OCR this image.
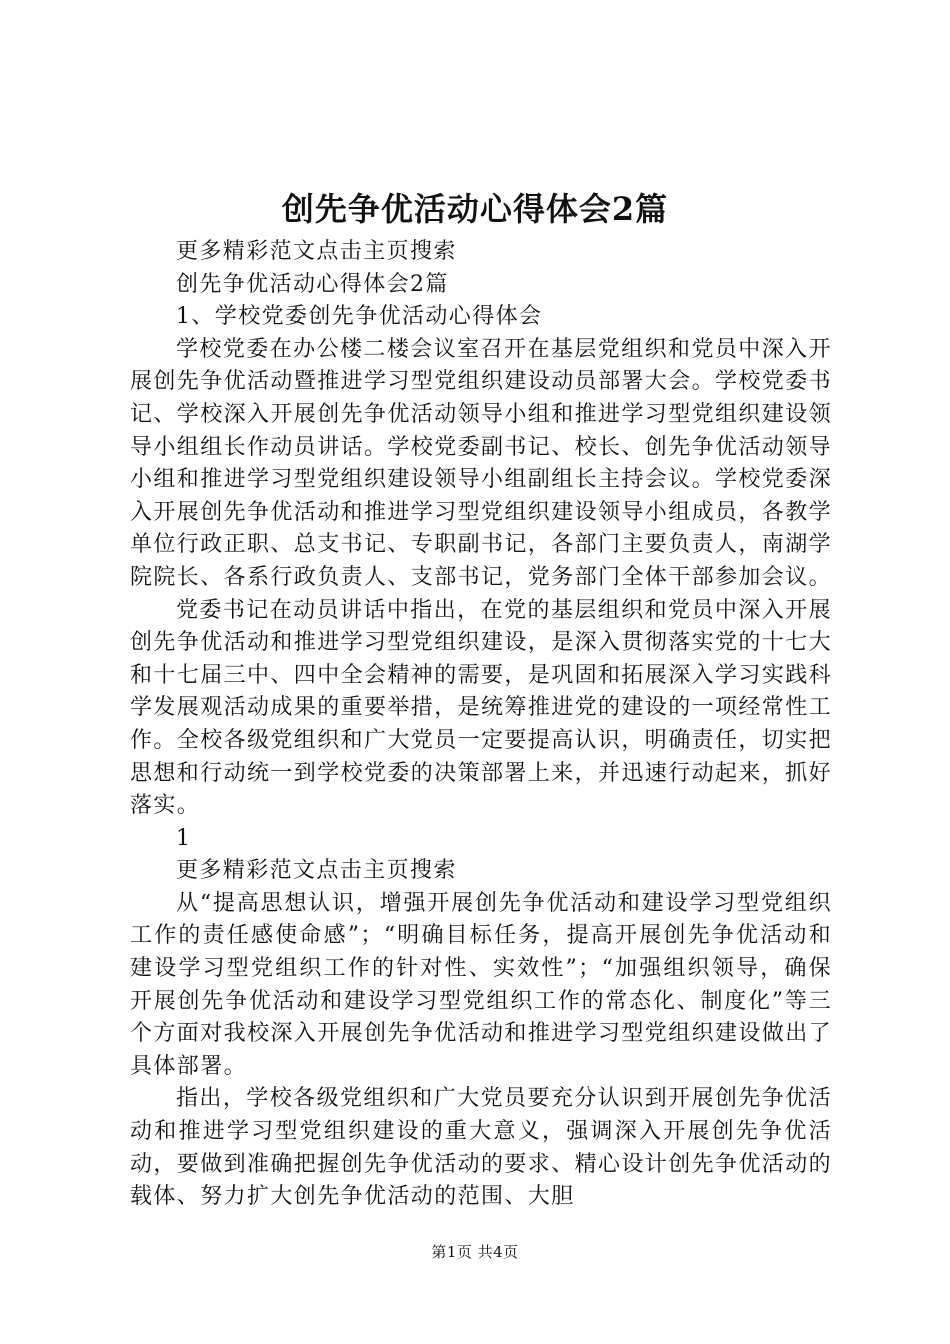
创先争优活动心得体会2篇

更多精彩范文点击主页搜索

创先争优活动心得体会2篇

1、学校党委创先争优活动心得体会

学校党委在办公楼二楼会议室召开在基层党组织和党员中深入开展创先争优活动暨推进学习型党组织建设动员部署大会。学校党委书记、学校深入开展创先争优活动领导小组和推进学习型党组织建设领导小组组长作动员讲话。学校党委副书记、校长、创先争优活动领导小组和推进学习型党组织建设领导小组副组长主持会议。学校党委深入开展创先争优活动和推进学习型党组织建设领导小组成员，各教学单位行政正职、总支书记、专职副书记，各部门主要负责人，南湖学院院长、各系行政负责人、支部书记，党务部门全体干部参加会议。

党委书记在动员讲话中指出，在党的基层组织和党员中深入开展创先争优活动和推进学习型党组织建设，是深入贯彻落实党的十七大和十七届三中、四中全会精神的需要，是巩固和拓展深入学习实践科学发展观活动成果的重要举措，是统筹推进党的建设的一项经常性工作。全校各级党组织和广大党员一定要提高认识，明确责任，切实把思想和行动统一到学校党委的决策部署上来，并迅速行动起来，抓好落实。

1

更多精彩范文点击主页搜索

从“提高思想认识，增强开展创先争优活动和建设学习型党组织工作的责任感使命感”；“明确目标任务，提高开展创先争优活动和建设学习型党组织工作的针对性、实效性”；“加强组织领导，确保开展创先争优活动和建设学习型党组织工作的常态化、制度化”等三个方面对我校深入开展创先争优活动和推进学习型党组织建设做出了具体部署。

指出，学校各级党组织和广大党员要充分认识到开展创先争优活动和推进学习型党组织建设的重大意义，强调深入开展创先争优活动，要做到准确把握创先争优活动的要求、精心设计创先争优活动的载体、努力扩大创先争优活动的范围、大胆

第1页 共4页
